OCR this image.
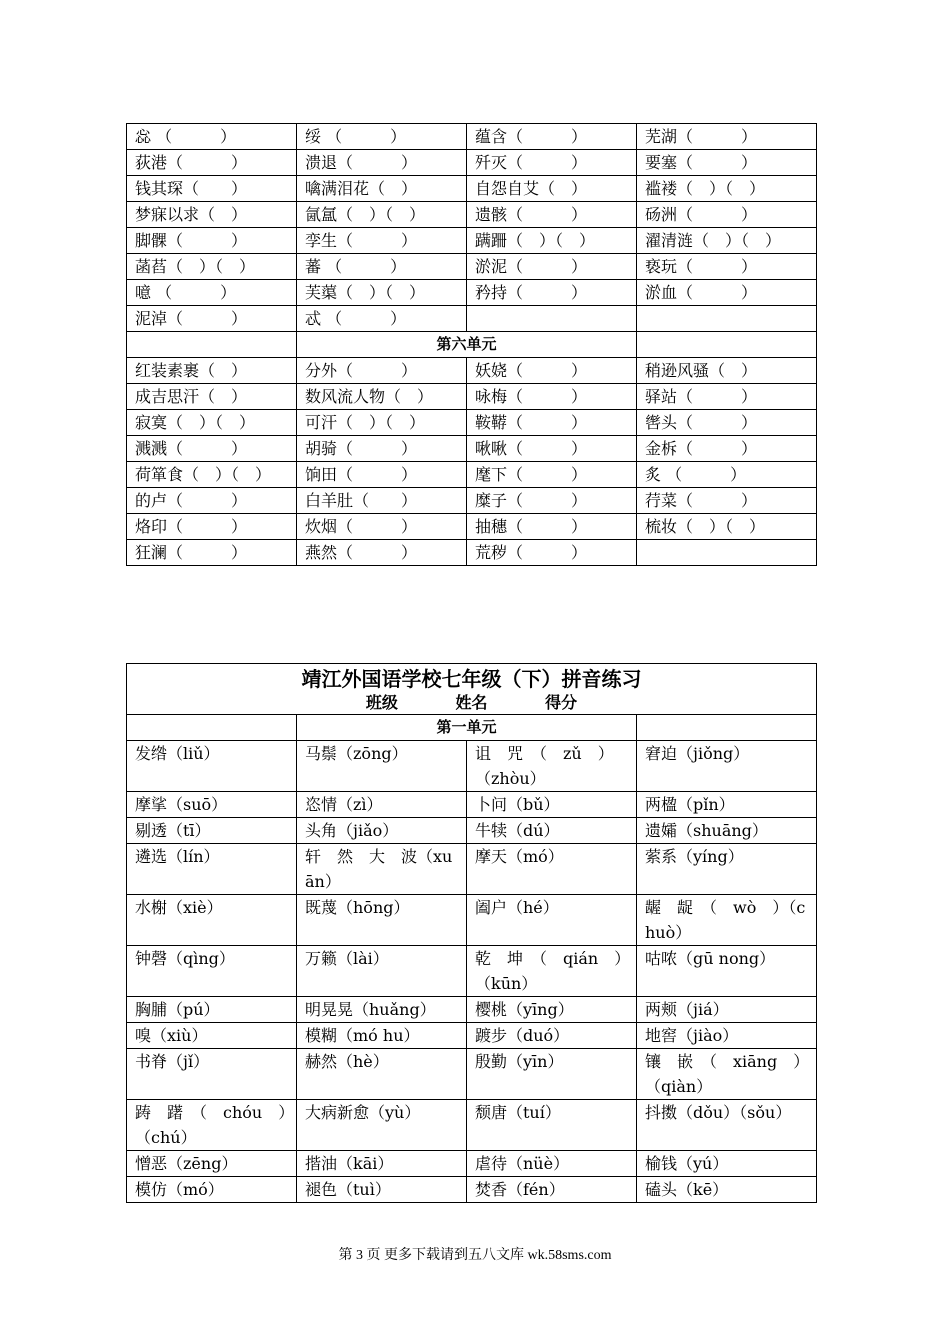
惢 （　　　）	绥 （　　　）	蕴含（　　　）	芜湖（　　　）
荻港（　　　）	溃退（　　　）	歼灭（　　　）	要塞（　　　）
钱其琛（　　）	噙满泪花（　）	自怨自艾（　）	褴褛（　）（　）
梦寐以求（　）	氤氲（　）（　）	遗骸（　　　）	砀洲（　　　）
脚髁（　　　）	孪生（　　　）	蹒跚（　）（　）	濯清涟（　）（　）
菡萏（　）（　）	蕃 （　　　）	淤泥（　　　）	亵玩（　　　）
噫 （　　　）	芙蕖（　）（　）	矜持（　　　）	淤血（　　　）
泥淖（　　　）	忒 （　　　）		
	第六单元		
红装素裹（　）	分外（　　　）	妖娆（　　　）	稍逊风骚（　）
成吉思汗（　）	数风流人物（　）	咏梅（　　　）	驿站（　　　）
寂寞（　）（　）	可汗（　）（　）	鞍鞯（　　　）	辔头（　　　）
溅溅（　　　）	胡骑（　　　）	啾啾（　　　）	金柝（　　　）
荷箪食（　）（　）	饷田（　　　）	麾下（　　　）	炙 （　　　）
的卢（　　　）	白羊肚（　　）	糜子（　　　）	荇菜（　　　）
烙印（　　　）	炊烟（　　　）	抽穗（　　　）	梳妆（　）（　）
狂澜（　　　）	燕然（　　　）	荒秽（　　　）	
靖江外国语学校七年级（下）拼音练习
班级 姓名 得分			

	第一单元		
发绺（liǔ）	马鬃（zōng）	诅　咒　（　zǔ　）（zhòu）	窘迫（jiǒng）
摩挲（suō）	恣情（zì）	卜问（bǔ）	两楹（pǐn）
剔透（tī）	头角（jiǎo）	牛犊（dú）	遗孀（shuāng）
遴选（lín）	轩　然　大　波（xuān）	摩天（mó）	萦系（yíng）
水榭（xiè）	既蔑（hōng）	阖户（hé）	龌　龊　（　wò　）（chuò）
钟磬（qìng）	万籁（lài）	乾　坤　（　qián　）（kūn）	咕哝（gū nong）
胸脯（pú）	明晃晃（huǎng）	樱桃（yīng）	两颊（jiá）
嗅（xiù）	模糊（mó hu）	踱步（duó）	地窖（jiào）
书脊（jǐ）	赫然（hè）	殷勤（yīn）	镶　嵌　（　xiāng　）（qiàn）
踌　躇　（　chóu　）（chú）	大病新愈（yù）	颓唐（tuí）	抖擞（dǒu）（sǒu）
憎恶（zēng）	揩油（kāi）	虐待（nüè）	榆钱（yú）
模仿（mó）	褪色（tuì）	焚香（fén）	磕头（kē）
第 3 页 更多下载请到五八文库 wk.58sms.com
